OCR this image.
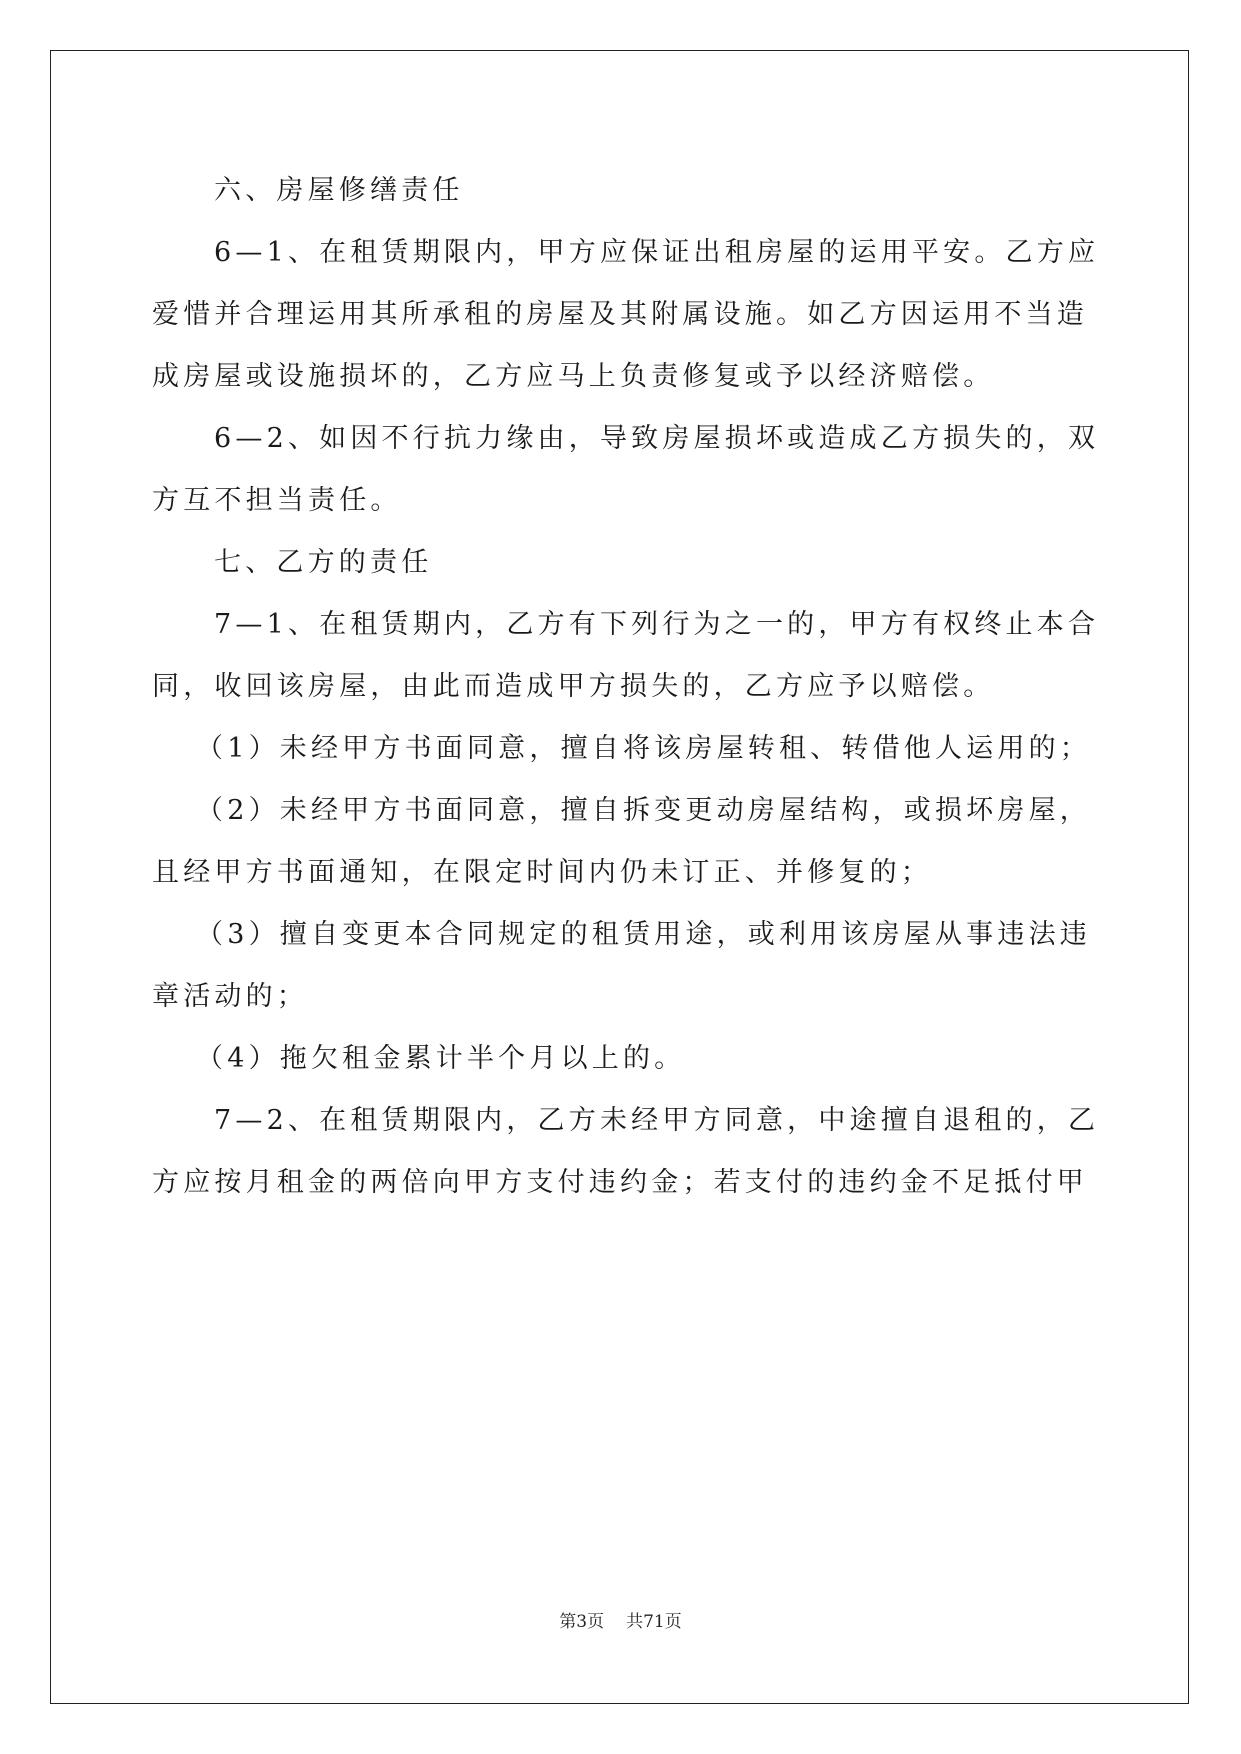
六、房屋修缮责任

6—1、在租赁期限内，甲方应保证出租房屋的运用平安。乙方应

爱惜并合理运用其所承租的房屋及其附属设施。如乙方因运用不当造

成房屋或设施损坏的，乙方应马上负责修复或予以经济赔偿。

6—2、如因不行抗力缘由，导致房屋损坏或造成乙方损失的，双

方互不担当责任。

七、乙方的责任

7—1、在租赁期内，乙方有下列行为之一的，甲方有权终止本合

同，收回该房屋，由此而造成甲方损失的，乙方应予以赔偿。

（1）未经甲方书面同意，擅自将该房屋转租、转借他人运用的；

（2）未经甲方书面同意，擅自拆变更动房屋结构，或损坏房屋，

且经甲方书面通知，在限定时间内仍未订正、并修复的；

（3）擅自变更本合同规定的租赁用途，或利用该房屋从事违法违

章活动的；

（4）拖欠租金累计半个月以上的。

7—2、在租赁期限内，乙方未经甲方同意，中途擅自退租的，乙

方应按月租金的两倍向甲方支付违约金；若支付的违约金不足抵付甲

第3页 共71页
